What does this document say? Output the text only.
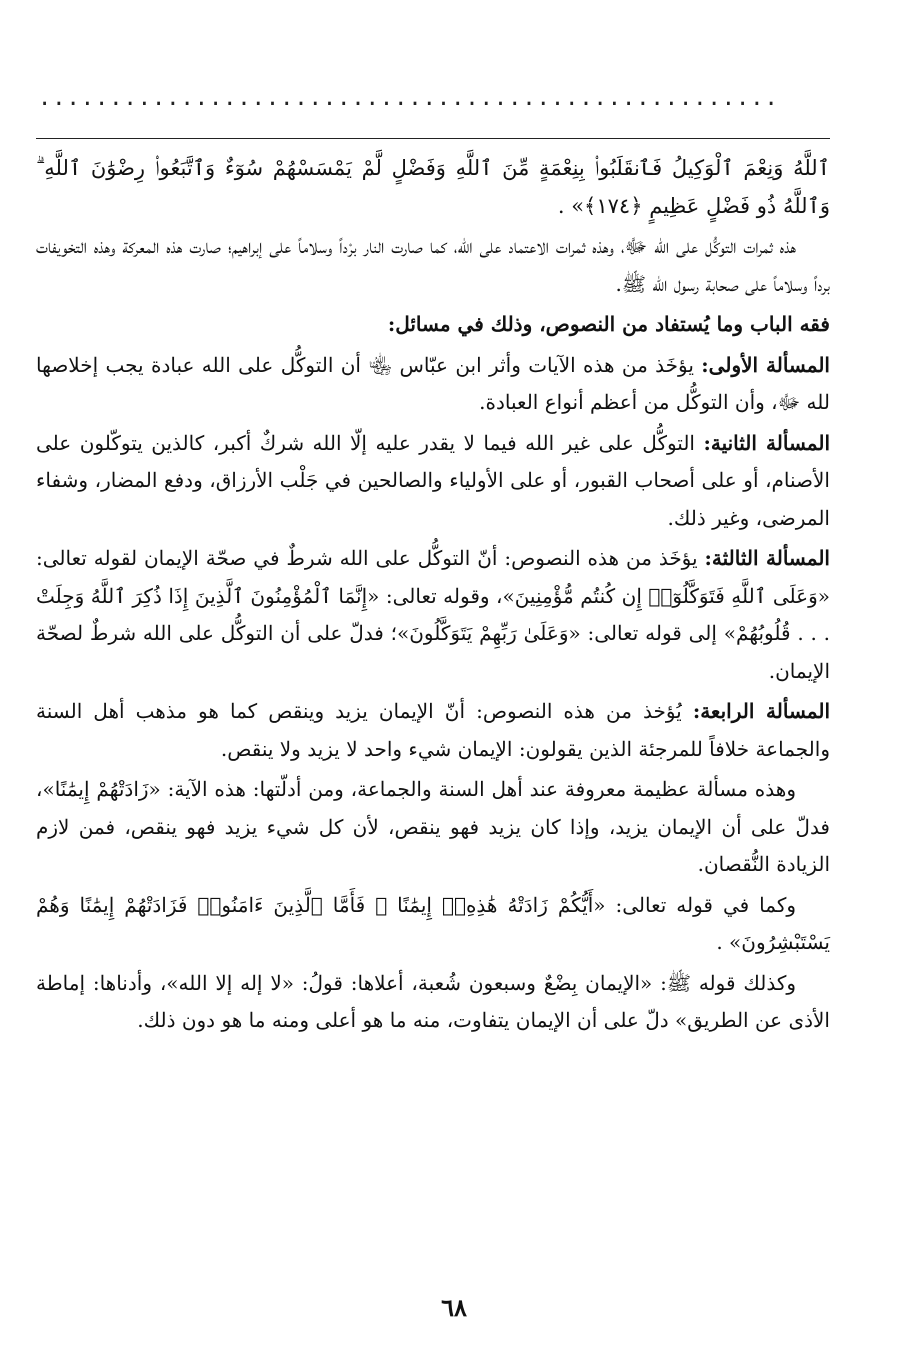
....................................................

ٱللَّهُ وَنِعْمَ ٱلْوَكِيلُ فَٱنقَلَبُوا۟ بِنِعْمَةٍ مِّنَ ٱللَّهِ وَفَضْلٍ لَّمْ يَمْسَسْهُمْ سُوٓءٌ وَٱتَّبَعُوا۟ رِضْوَٰنَ ٱللَّهِ ۗ وَٱللَّهُ ذُو فَضْلٍ عَظِيمٍ ﴿١٧٤﴾» .

هذه ثمرات التوكُّل على الله ﷻ، وهذه ثمرات الاعتماد على الله، كما صارت النار برْداً وسلاماً على إبراهيم؛ صارت هذه المعركة وهذه التخويفات برداً وسلاماً على صحابة رسول الله ﷺ.

فقه الباب وما يُستفاد من النصوص، وذلك في مسائل:

المسألة الأولى: يؤخَذ من هذه الآيات وأثر ابن عبّاس ﵄ أن التوكُّل على الله عبادة يجب إخلاصها لله ﷻ، وأن التوكُّل من أعظم أنواع العبادة.

المسألة الثانية: التوكُّل على غير الله فيما لا يقدر عليه إلّا الله شركٌ أكبر، كالذين يتوكّلون على الأصنام، أو على أصحاب القبور، أو على الأولياء والصالحين في جَلْب الأرزاق، ودفع المضار، وشفاء المرضى، وغير ذلك.

المسألة الثالثة: يؤخَذ من هذه النصوص: أنّ التوكُّل على الله شرطٌ في صحّة الإيمان لقوله تعالى: «وَعَلَى ٱللَّهِ فَتَوَكَّلُوٓا۟ إِن كُنتُم مُّؤْمِنِينَ»، وقوله تعالى: «إِنَّمَا ٱلْمُؤْمِنُونَ ٱلَّذِينَ إِذَا ذُكِرَ ٱللَّهُ وَجِلَتْ . . . قُلُوبُهُمْ» إلى قوله تعالى: «وَعَلَىٰ رَبِّهِمْ يَتَوَكَّلُونَ»؛ فدلّ على أن التوكُّل على الله شرطٌ لصحّة الإيمان.

المسألة الرابعة: يُؤخذ من هذه النصوص: أنّ الإيمان يزيد وينقص كما هو مذهب أهل السنة والجماعة خلافاً للمرجئة الذين يقولون: الإيمان شيء واحد لا يزيد ولا ينقص.

وهذه مسألة عظيمة معروفة عند أهل السنة والجماعة، ومن أدلّتها: هذه الآية: «زَادَتْهُمْ إِيمَٰنًا»، فدلّ على أن الإيمان يزيد، وإذا كان يزيد فهو ينقص، لأن كل شيء يزيد فهو ينقص، فمن لازم الزيادة النُّقصان.

وكما في قوله تعالى: «أَيُّكُمْ زَادَتْهُ هَٰذِهِۦٓ إِيمَٰنًا ۚ فَأَمَّا ٱلَّذِينَ ءَامَنُوا۟ فَزَادَتْهُمْ إِيمَٰنًا وَهُمْ يَسْتَبْشِرُونَ» .

وكذلك قوله ﷺ: «الإيمان بِضْعٌ وسبعون شُعبة، أعلاها: قولُ: «لا إله إلا الله»، وأدناها: إماطة الأذى عن الطريق» دلّ على أن الإيمان يتفاوت، منه ما هو أعلى ومنه ما هو دون ذلك.

٦٨
